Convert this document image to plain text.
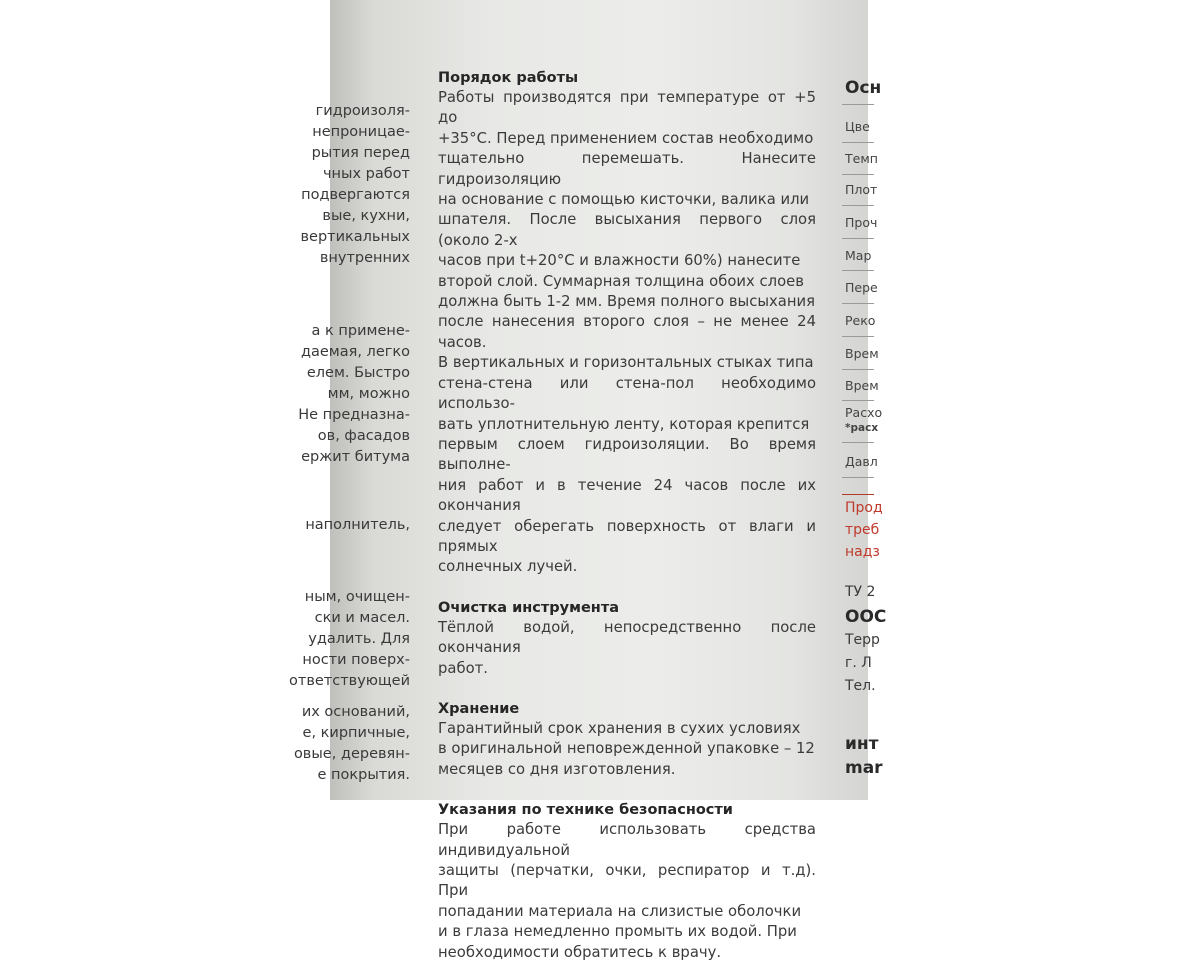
гидроизоля-
непроницае-
рытия перед
чных работ
подвергаются
вые, кухни,
вертикальных
внутренних
а к примене-
даемая, легко
елем. Быстро
мм, можно
Не предназна-
ов, фасадов
ержит битума
наполнитель,
ным, очищен-
ски и масел.
удалить. Для
ности поверх-
ответствующей
их оснований,
е, кирпичные,
овые, деревян-
е покрытия.
Порядок работы

Работы производятся при температуре от +5 до
+35°С. Перед применением состав необходимо
тщательно перемешать. Нанесите гидроизоляцию
на основание с помощью кисточки, валика или
шпателя. После высыхания первого слоя (около 2-х
часов при t+20°С и влажности 60%) нанесите
второй слой. Суммарная толщина обоих слоев
должна быть 1-2 мм. Время полного высыхания
после нанесения второго слоя – не менее 24 часов.
В вертикальных и горизонтальных стыках типа
стена-стена или стена-пол необходимо использо-
вать уплотнительную ленту, которая крепится
первым слоем гидроизоляции. Во время выполне-
ния работ и в течение 24 часов после их окончания
следует оберегать поверхность от влаги и прямых
солнечных лучей.

Очистка инструмента

Тёплой водой, непосредственно после окончания
работ.

Хранение

Гарантийный срок хранения в сухих условиях
в оригинальной неповрежденной упаковке – 12
месяцев со дня изготовления.

Указания по технике безопасности

При работе использовать средства индивидуальной
защиты (перчатки, очки, респиратор и т.д). При
попадании материала на слизистые оболочки
и в глаза немедленно промыть их водой. При
необходимости обратитесь к врачу.

Осн
Цве
Темп
Плот
Проч
Мар
Пере
Реко
Врем
Врем
Расхо
*расх
Давл
Прод
треб
надз
ТУ 2
ООС
Терр
г. Л
Тел.
инт
mar
